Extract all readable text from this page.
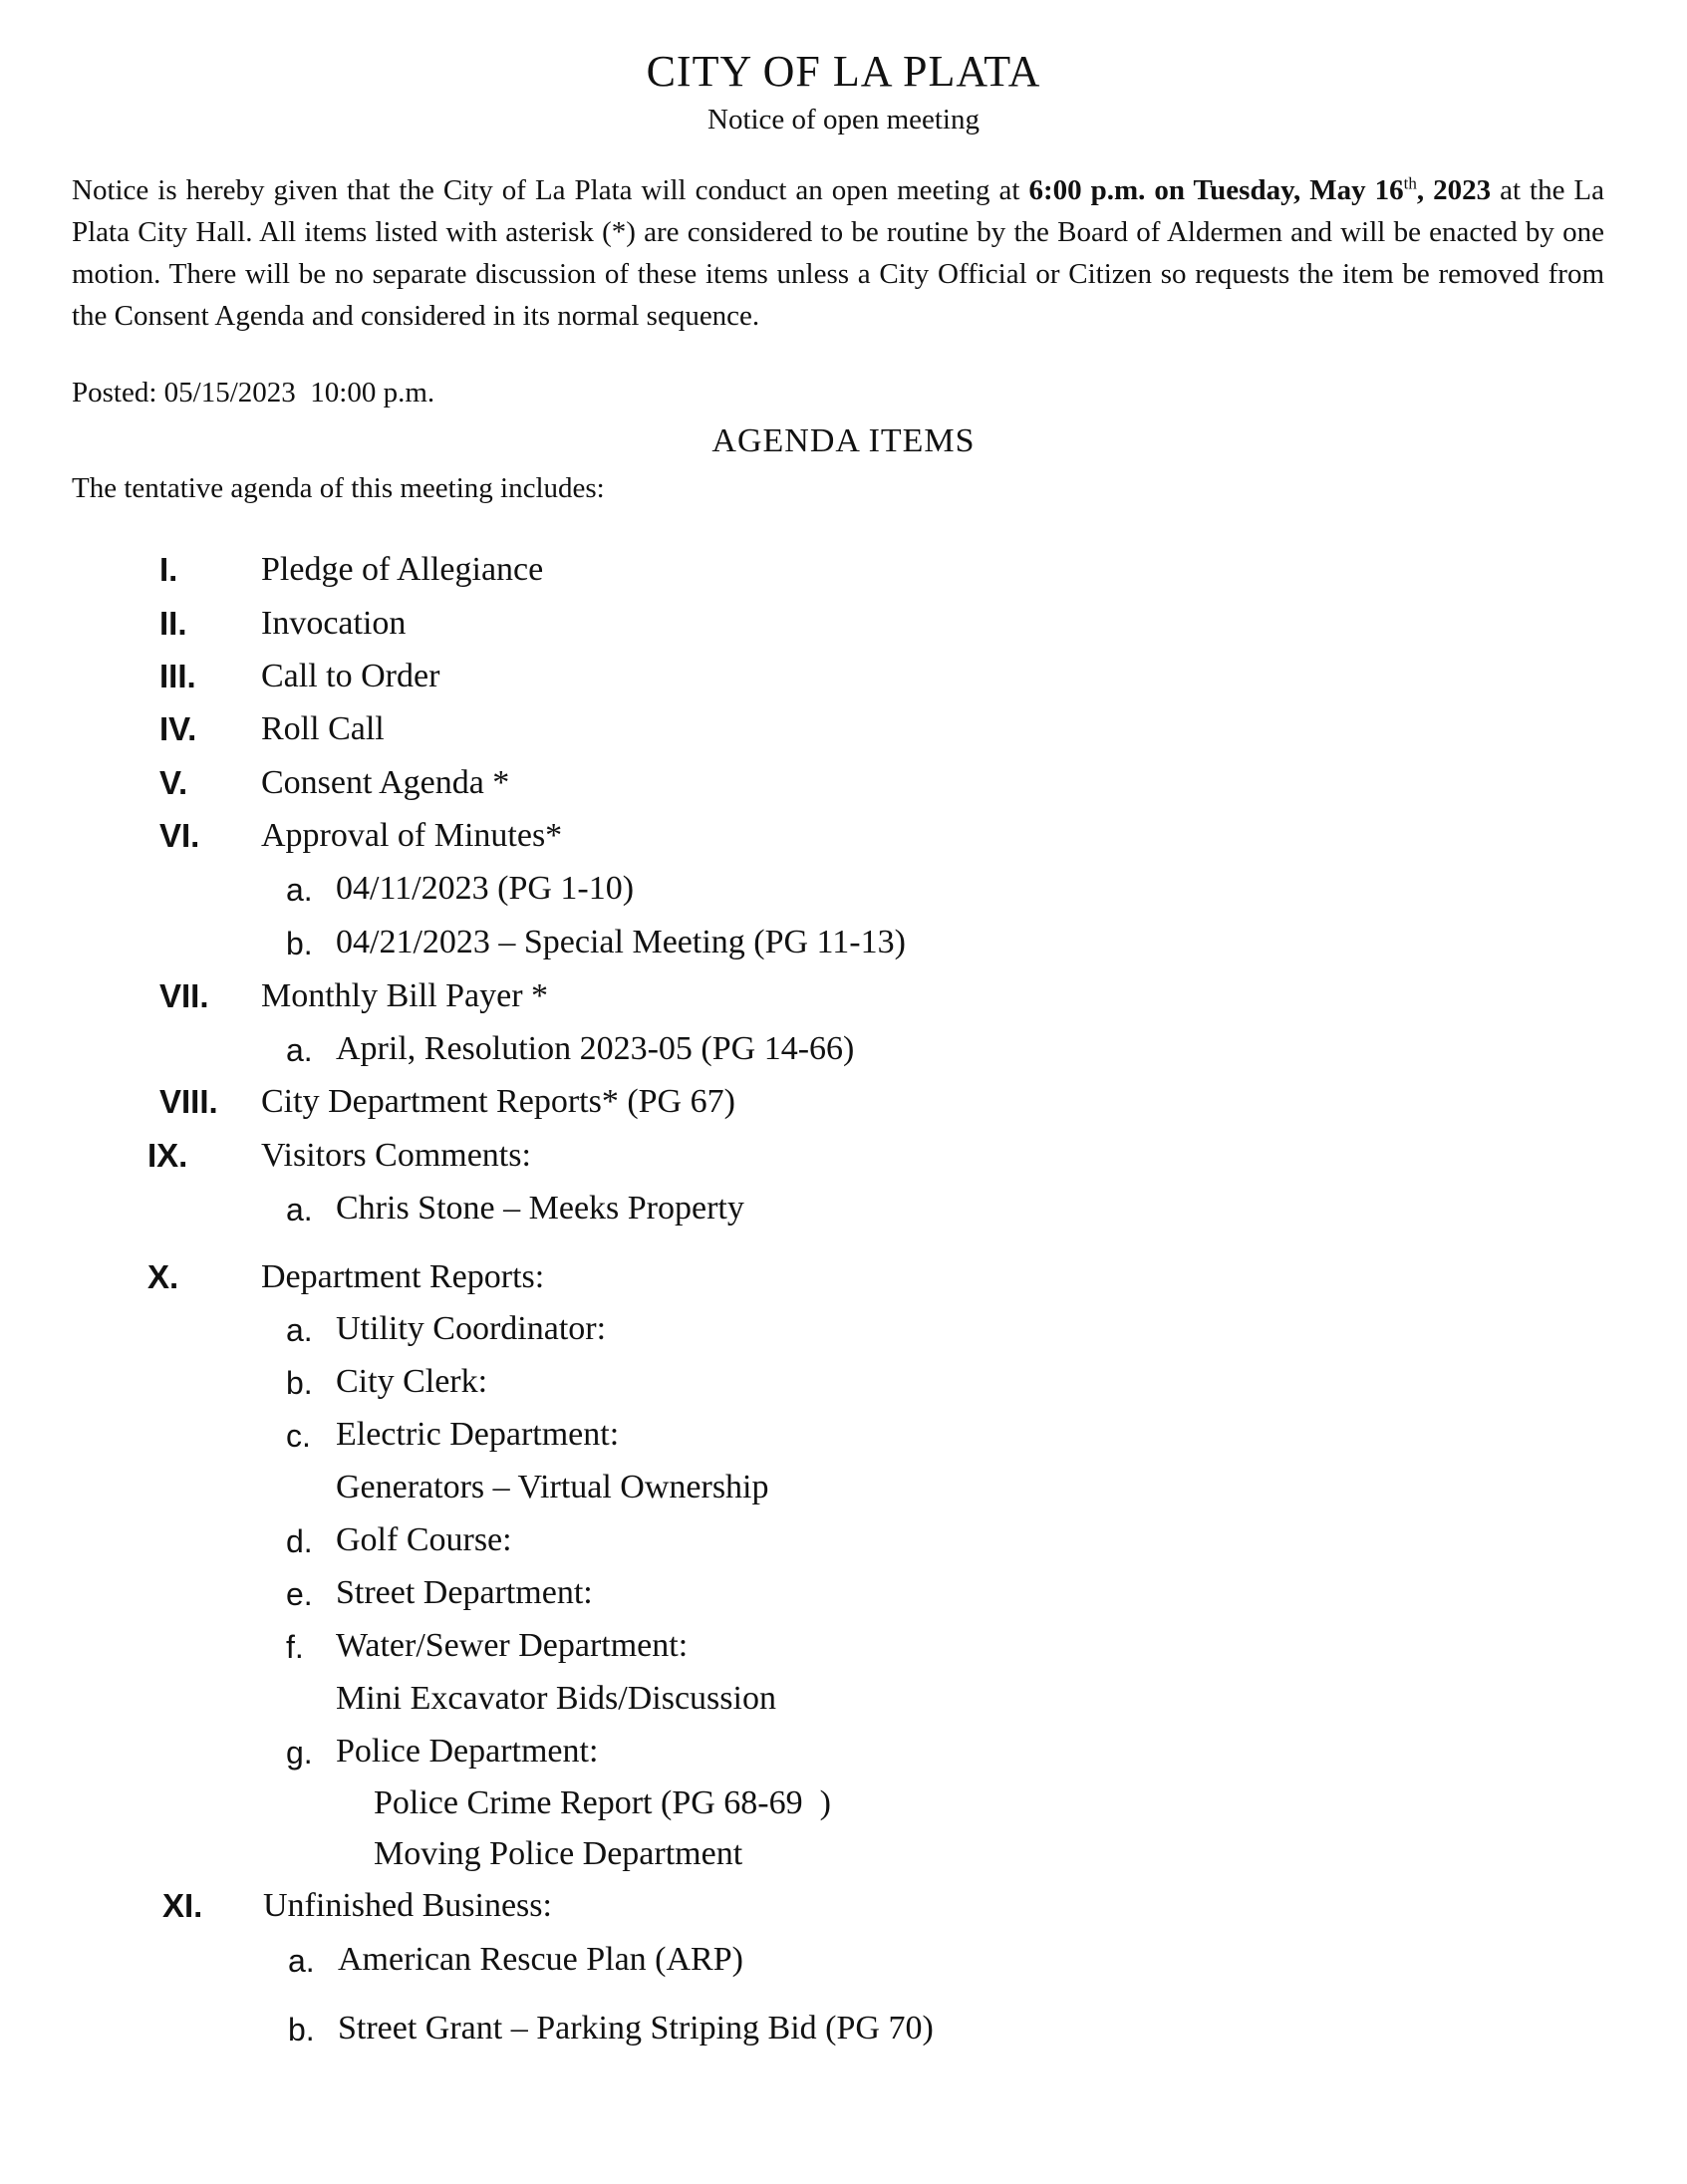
CITY OF LA PLATA
Notice of open meeting
Notice is hereby given that the City of La Plata will conduct an open meeting at 6:00 p.m. on Tuesday, May 16th, 2023 at the La Plata City Hall. All items listed with asterisk (*) are considered to be routine by the Board of Aldermen and will be enacted by one motion. There will be no separate discussion of these items unless a City Official or Citizen so requests the item be removed from the Consent Agenda and considered in its normal sequence.
Posted: 05/15/2023  10:00 p.m.
AGENDA ITEMS
The tentative agenda of this meeting includes:
I. Pledge of Allegiance
II. Invocation
III. Call to Order
IV. Roll Call
V. Consent Agenda *
VI. Approval of Minutes*
a. 04/11/2023 (PG 1-10)
b. 04/21/2023 – Special Meeting (PG 11-13)
VII. Monthly Bill Payer *
a. April, Resolution 2023-05 (PG 14-66)
VIII. City Department Reports* (PG 67)
IX. Visitors Comments:
a. Chris Stone – Meeks Property
X. Department Reports:
a. Utility Coordinator:
b. City Clerk:
c. Electric Department:
Generators – Virtual Ownership
d. Golf Course:
e. Street Department:
f. Water/Sewer Department:
Mini Excavator Bids/Discussion
g. Police Department:
Police Crime Report (PG 68-69  )
Moving Police Department
XI. Unfinished Business:
a. American Rescue Plan (ARP)
b. Street Grant – Parking Striping Bid (PG 70)
